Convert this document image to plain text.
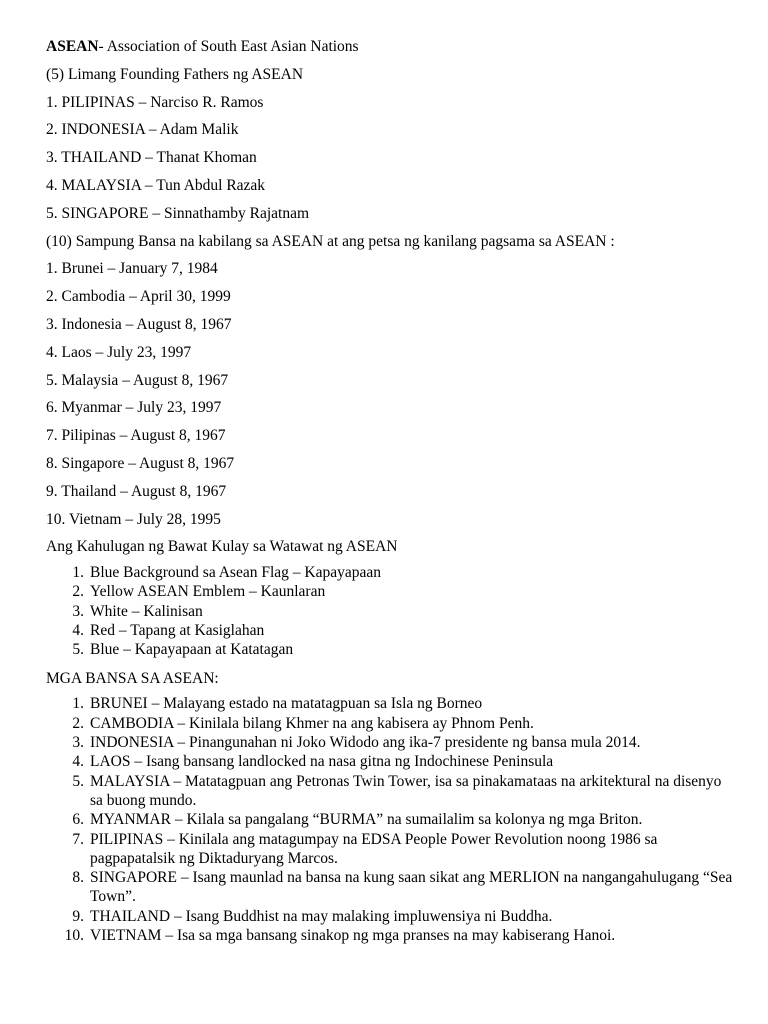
ASEAN- Association of South East Asian Nations

(5) Limang Founding Fathers ng ASEAN

1. PILIPINAS – Narciso R. Ramos

2. INDONESIA – Adam Malik

3. THAILAND – Thanat Khoman

4. MALAYSIA – Tun Abdul Razak

5. SINGAPORE – Sinnathamby Rajatnam

(10) Sampung Bansa na kabilang sa ASEAN at ang petsa ng kanilang pagsama sa ASEAN :

1. Brunei – January 7, 1984

2. Cambodia – April 30, 1999

3. Indonesia – August 8, 1967

4. Laos – July 23, 1997

5. Malaysia – August 8, 1967

6. Myanmar – July 23, 1997

7. Pilipinas – August 8, 1967

8. Singapore – August 8, 1967

9. Thailand – August 8, 1967

10. Vietnam – July 28, 1995

Ang Kahulugan ng Bawat Kulay sa Watawat ng ASEAN

1. Blue Background sa Asean Flag – Kapayapaan
2. Yellow ASEAN Emblem – Kaunlaran
3. White – Kalinisan
4. Red – Tapang at Kasiglahan
5. Blue – Kapayapaan at Katatagan

MGA BANSA SA ASEAN:

1. BRUNEI – Malayang estado na matatagpuan sa Isla ng Borneo
2. CAMBODIA – Kinilala bilang Khmer na ang kabisera ay Phnom Penh.
3. INDONESIA – Pinangunahan ni Joko Widodo ang ika-7 presidente ng bansa mula 2014.
4. LAOS – Isang bansang landlocked na nasa gitna ng Indochinese Peninsula
5. MALAYSIA – Matatagpuan ang Petronas Twin Tower, isa sa pinakamataas na arkitektural na disenyo sa buong mundo.
6. MYANMAR – Kilala sa pangalang “BURMA” na sumailalim sa kolonya ng mga Briton.
7. PILIPINAS – Kinilala ang matagumpay na EDSA People Power Revolution noong 1986 sa pagpapatalsik ng Diktaduryang Marcos.
8. SINGAPORE – Isang maunlad na bansa na kung saan sikat ang MERLION na nangangahulugang “Sea Town”.
9. THAILAND – Isang Buddhist na may malaking impluwensiya ni Buddha.
10. VIETNAM – Isa sa mga bansang sinakop ng mga pranses na may kabiserang Hanoi.
